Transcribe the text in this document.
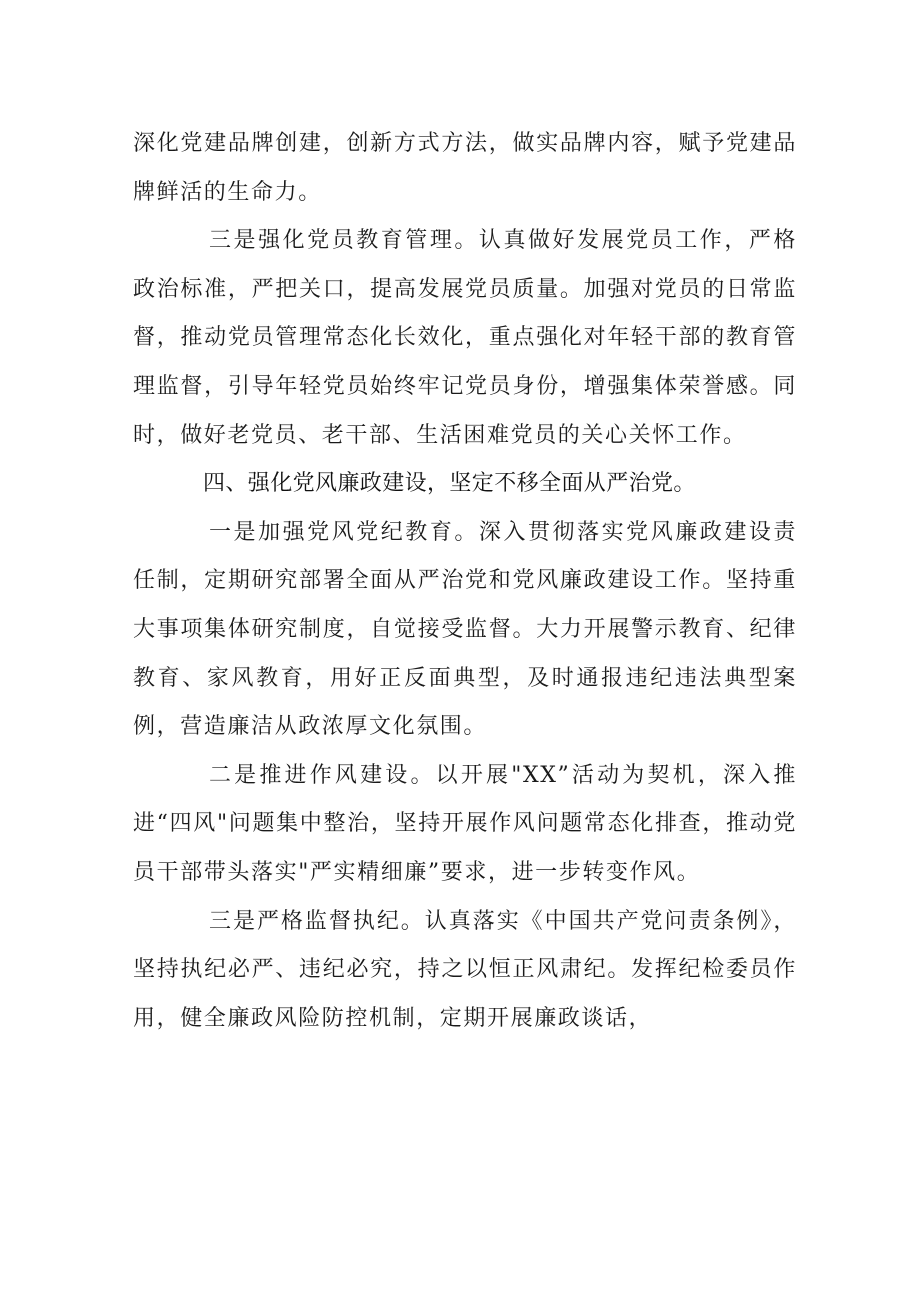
深化党建品牌创建，创新方式方法，做实品牌内容，赋予党建品牌鲜活的生命力。

三是强化党员教育管理。认真做好发展党员工作，严格政治标准，严把关口，提高发展党员质量。加强对党员的日常监督，推动党员管理常态化长效化，重点强化对年轻干部的教育管理监督，引导年轻党员始终牢记党员身份，增强集体荣誉感。同时，做好老党员、老干部、生活困难党员的关心关怀工作。

四、强化党风廉政建设，坚定不移全面从严治党。

一是加强党风党纪教育。深入贯彻落实党风廉政建设责任制，定期研究部署全面从严治党和党风廉政建设工作。坚持重大事项集体研究制度，自觉接受监督。大力开展警示教育、纪律教育、家风教育，用好正反面典型，及时通报违纪违法典型案例，营造廉洁从政浓厚文化氛围。

二是推进作风建设。以开展"XX”活动为契机，深入推进“四风"问题集中整治，坚持开展作风问题常态化排查，推动党员干部带头落实"严实精细廉”要求，进一步转变作风。

三是严格监督执纪。认真落实《中国共产党问责条例》，坚持执纪必严、违纪必究，持之以恒正风肃纪。发挥纪检委员作用，健全廉政风险防控机制，定期开展廉政谈话，
